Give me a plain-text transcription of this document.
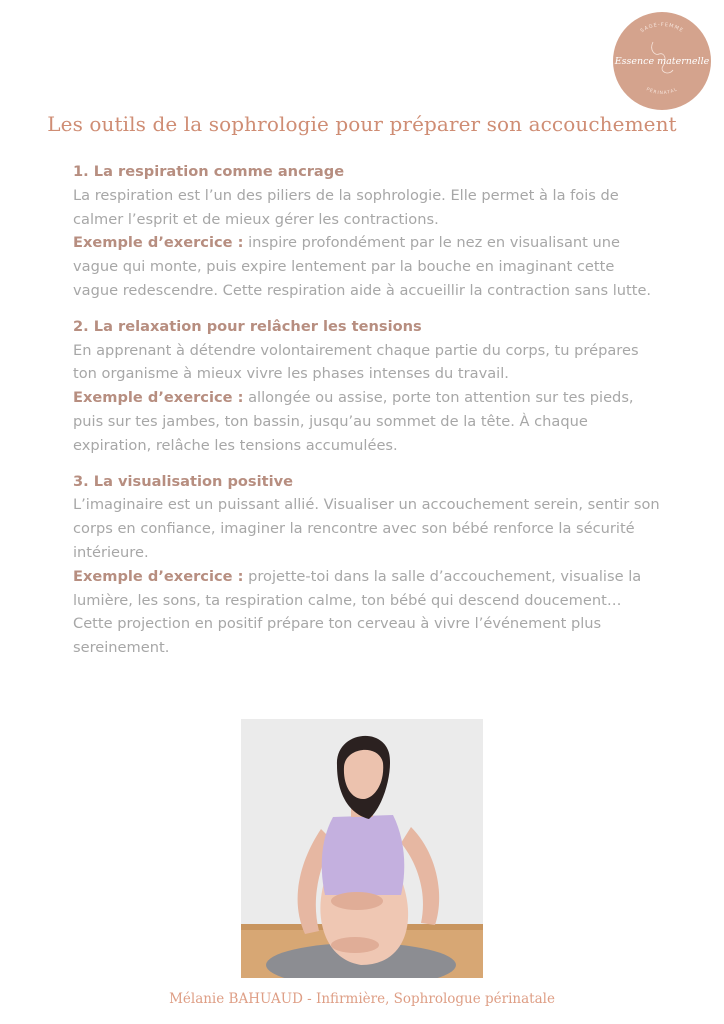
SAGE-FEMME
Essence maternelle
PÉRINATAL
Les outils de la sophrologie pour préparer son accouchement
1. La respiration comme ancrage
La respiration est l’un des piliers de la sophrologie. Elle permet à la fois de calmer l’esprit et de mieux gérer les contractions.
Exemple d’exercice : inspire profondément par le nez en visualisant une vague qui monte, puis expire lentement par la bouche en imaginant cette vague redescendre. Cette respiration aide à accueillir la contraction sans lutte.
2. La relaxation pour relâcher les tensions
En apprenant à détendre volontairement chaque partie du corps, tu prépares ton organisme à mieux vivre les phases intenses du travail.
Exemple d’exercice : allongée ou assise, porte ton attention sur tes pieds, puis sur tes jambes, ton bassin, jusqu’au sommet de la tête. À chaque expiration, relâche les tensions accumulées.
3. La visualisation positive
L’imaginaire est un puissant allié. Visualiser un accouchement serein, sentir son corps en confiance, imaginer la rencontre avec son bébé renforce la sécurité intérieure.
Exemple d’exercice : projette-toi dans la salle d’accouchement, visualise la lumière, les sons, ta respiration calme, ton bébé qui descend doucement… Cette projection en positif prépare ton cerveau à vivre l’événement plus sereinement.
Mélanie BAHUAUD - Infirmière, Sophrologue périnatale
